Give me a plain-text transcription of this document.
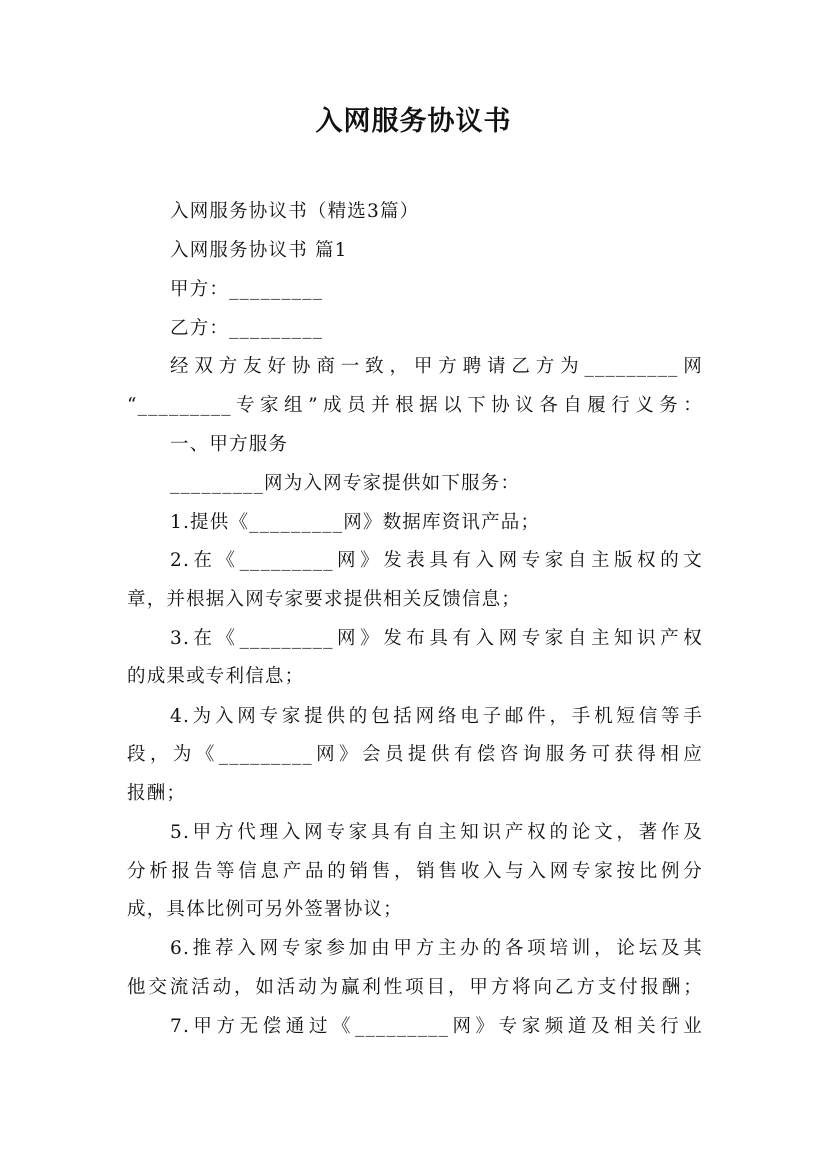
入网服务协议书
入网服务协议书（精选3篇）
入网服务协议书 篇1
甲方：_________
乙方：_________
经双方友好协商一致，甲方聘请乙方为_________网
“_________专家组”成员并根据以下协议各自履行义务：
一、甲方服务
_________网为入网专家提供如下服务：
1.提供《_________网》数据库资讯产品；
2.在《_________网》发表具有入网专家自主版权的文
章，并根据入网专家要求提供相关反馈信息；
3.在《_________网》发布具有入网专家自主知识产权
的成果或专利信息；
4.为入网专家提供的包括网络电子邮件，手机短信等手
段，为《_________网》会员提供有偿咨询服务可获得相应
报酬；
5.甲方代理入网专家具有自主知识产权的论文，著作及
分析报告等信息产品的销售，销售收入与入网专家按比例分
成，具体比例可另外签署协议；
6.推荐入网专家参加由甲方主办的各项培训，论坛及其
他交流活动，如活动为赢利性项目，甲方将向乙方支付报酬；
7.甲方无偿通过《_________网》专家频道及相关行业
